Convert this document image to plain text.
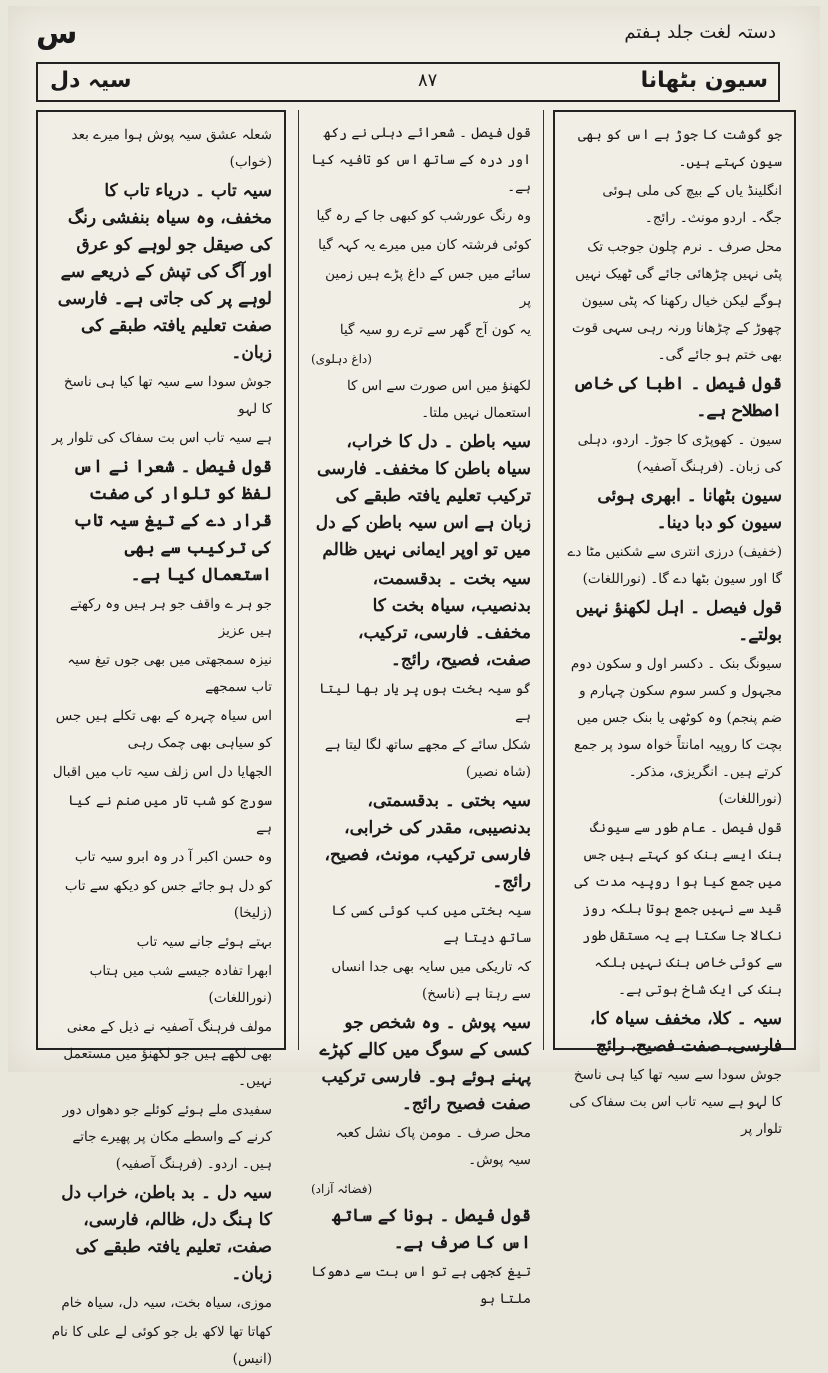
س	دستہ لغت جلد ہفتم
سیہ دل	۸۷	سیون بٹھانا

جو گوشت کا جوڑ ہے اس کو بھی سیون کہتے ہیں۔

انگلینڈ یاں کے بیچ کی ملی ہوئی جگہ۔ اردو مونث۔ رائج۔

محل صرف ۔ نرم چلون جوجب تک پٹی نہیں چڑھائی جائے گی ٹھیک نہیں ہوگے لیکن خیال رکھنا کہ پٹی سیون چھوڑ کے چڑھانا ورنہ رہی سہی قوت بھی ختم ہو جائے گی۔

قول فیصل ۔ اطبا کی خاص اصطلاح ہے۔

سیون ۔ کھوپڑی کا جوڑ۔ اردو، دہلی کی زبان۔ (فرہنگ آصفیہ)

سیون بٹھانا ۔ ابھری ہوئی سیون کو دبا دینا۔

(خفیف) درزی انتری سے شکنیں مٹا دے گا اور سیون بٹھا دے گا۔ (نوراللغات)

قول فیصل ۔ اہل لکھنؤ نہیں بولتے۔

سیونگ بنک ۔ دکسر اول و سکون دوم مجہول و کسر سوم سکون چہارم و ضم پنجم) وہ کوٹھی یا بنک جس میں بچت کا روپیہ امانتاً خواہ سود پر جمع کرتے ہیں۔ انگریزی، مذکر۔ (نوراللغات)

قول فیصل ۔ عام طور سے سیونگ بنک ایسے بنک کو کہتے ہیں جس میں جمع کیا ہوا روپیہ مدت کی قید سے نہیں جمع ہوتا بلکہ روز نکالا جا سکتا ہے یہ مستقل طور سے کوئی خاص بنک نہیں بلکہ بنک کی ایک شاخ ہوتی ہے۔

سیہ ۔ کلا، مخفف سیاہ کا، فارسی، صفت فصیح، رائج

جوش سودا سے سیہ تھا کیا ہی ناسخ کا لہو ہے سیہ تاب اس بت سفاک کی تلوار پر

قول فیصل ۔ شعرائے دہلی نے رکھ اور درہ کے ساتھ اس کو تافیہ کیا ہے۔

وہ رنگ عورشب کو کبھی جا کے رہ گیا

کوئی فرشتہ کان میں میرے یہ کہہ گیا

سائے میں جس کے داغ پڑے ہیں زمین پر

یہ کون آج گھر سے ترے رو سیہ گیا

(داغ دہلوی)

لکھنؤ میں اس صورت سے اس کا استعمال نہیں ملتا۔

سیہ باطن ۔ دل کا خراب، سیاہ باطن کا مخفف۔ فارسی ترکیب تعلیم یافتہ طبقے کی زبان ہے اس سیہ باطن کے دل میں تو اوپر ایمانی نہیں ظالم

سیہ بخت ۔ بدقسمت، بدنصیب، سیاہ بخت کا مخفف۔ فارسی، ترکیب، صفت، فصیح، رائج۔

گو سیہ بخت ہوں پر یار بھا لیتا ہے

شکل سائے کے مجھے ساتھ لگا لیتا ہے (شاہ نصیر)

سیہ بختی ۔ بدقسمتی، بدنصیبی، مقدر کی خرابی، فارسی ترکیب، مونث، فصیح، رائج۔

سیہ بختی میں کب کوئی کسی کا ساتھ دیتا ہے

کہ تاریکی میں سایہ بھی جدا انساں سے رہتا ہے (ناسخ)

سیہ پوش ۔ وہ شخص جو کسی کے سوگ میں کالے کپڑے پہنے ہوئے ہو۔ فارسی ترکیب صفت فصیح رائج۔

محل صرف ۔ مومن پاک نشل کعبہ سیہ پوش۔

(فضائہ آزاد)

قول فیصل ۔ ہونا کے ساتھ اس کا صرف ہے۔

تیغ کجھی ہے تو اس بت سے دھوکا ملتا ہو

شعلہ عشق سیہ پوش ہوا میرے بعد (خواب)

سیہ تاب ۔ دریاء تاب کا مخفف، وہ سیاہ بنفشی رنگ کی صیقل جو لوہے کو عرق اور آگ کی تپش کے ذریعے سے لوہے پر کی جاتی ہے۔ فارسی صفت تعلیم یافتہ طبقے کی زبان۔

جوش سودا سے سیہ تھا کیا ہی ناسخ کا لہو

ہے سیہ تاب اس بت سفاک کی تلوار پر

قول فیصل ۔ شعرا نے اس لفظ کو تلوار کی صفت قرار دے کے تیغ سیہ تاب کی ترکیب سے بھی استعمال کیا ہے۔

جو ہر ے واقف جو ہر ہیں وہ رکھتے ہیں عزیز

نیزہ سمجھتی میں بھی جوں تیغ سیہ تاب سمجھے

اس سیاہ چہرہ کے بھی تکلے ہیں جس کو سیاہی بھی چمک رہی

الجھایا دل اس زلف سیہ تاب میں اقبال

سورج کو شب تار میں صنم نے کیا ہے

وہ حسن اکبر آ در وہ ابرو سیہ تاب

کو دل ہو جائے جس کو دیکھ سے تاب (زلیخا)

بہتے ہوئے جانے سیہ تاب

ابھرا تفادہ جیسے شب میں ہتاب (نوراللغات)

مولف فرہنگ آصفیہ نے ذیل کے معنی بھی لکھے ہیں جو لکھنؤ میں مستعمل نہیں۔

سفیدی ملے ہوئے کوئلے جو دھواں دور کرنے کے واسطے مکان پر پھیرے جاتے ہیں۔ اردو۔ (فرہنگ آصفیہ)

سیہ دل ۔ بد باطن، خراب دل کا ہنگ دل، ظالم، فارسی، صفت، تعلیم یافتہ طبقے کی زبان۔

موزی، سیاہ بخت، سیہ دل، سیاہ خام

کھاتا تھا لاکھ بل جو کوئی لے علی کا نام (انیس)
